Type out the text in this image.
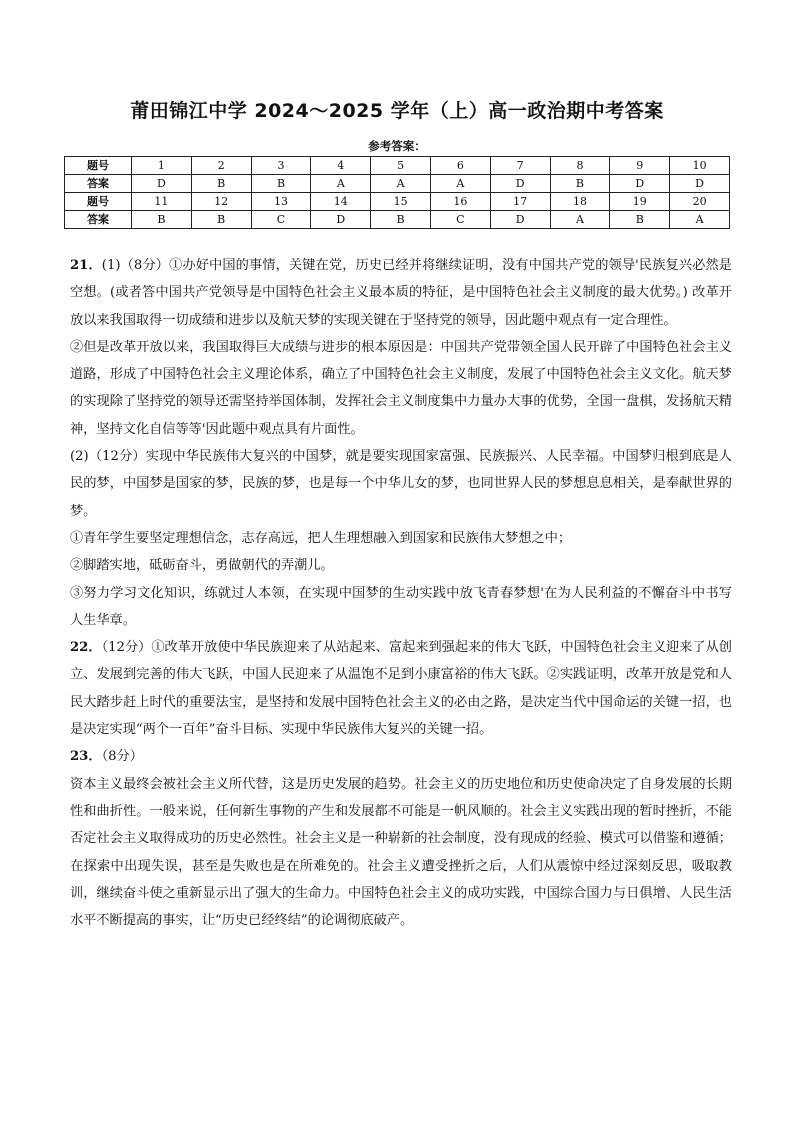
莆田锦江中学 2024～2025 学年（上）高一政治期中考答案
参考答案：
题号	1	2	3	4	5	6	7	8	9	10
答案	D	B	B	A	A	A	D	B	D	D
题号	11	12	13	14	15	16	17	18	19	20
答案	B	B	C	D	B	C	D	A	B	A

21．(1)（8分）①办好中国的事情，关键在党，历史已经并将继续证明，没有中国共产党的领导'民族复兴必然是空想。(或者答中国共产党领导是中国特色社会主义最本质的特征，是中国特色社会主义制度的最大优势。) 改革开放以来我国取得一切成绩和进步以及航天梦的实现关键在于坚持党的领导，因此题中观点有一定合理性。

②但是改革开放以来，我国取得巨大成绩与进步的根本原因是：中国共产党带领全国人民开辟了中国特色社会主义道路，形成了中国特色社会主义理论体系，确立了中国特色社会主义制度，发展了中国特色社会主义文化。航天梦的实现除了坚持党的领导还需坚持举国体制，发挥社会主义制度集中力量办大事的优势，全国一盘棋，发扬航天精神，坚持文化自信等等'因此题中观点具有片面性。

(2)（12分）实现中华民族伟大复兴的中国梦，就是要实现国家富强、民族振兴、人民幸福。中国梦归根到底是人民的梦，中国梦是国家的梦，民族的梦，也是每一个中华儿女的梦，也同世界人民的梦想息息相关，是奉献世界的梦。

①青年学生要坚定理想信念，志存高远，把人生理想融入到国家和民族伟大梦想之中；

②脚踏实地，砥砺奋斗，勇做朝代的弄潮儿。

③努力学习文化知识，练就过人本领，在实现中国梦的生动实践中放飞青春梦想'在为人民利益的不懈奋斗中书写人生华章。

22．（12分）①改革开放使中华民族迎来了从站起来、富起来到强起来的伟大飞跃，中国特色社会主义迎来了从创立、发展到完善的伟大飞跃，中国人民迎来了从温饱不足到小康富裕的伟大飞跃。②实践证明，改革开放是党和人民大踏步赶上时代的重要法宝，是坚持和发展中国特色社会主义的必由之路，是决定当代中国命运的关键一招，也是决定实现“两个一百年”奋斗目标、实现中华民族伟大复兴的关键一招。

23．（8分）

资本主义最终会被社会主义所代替，这是历史发展的趋势。社会主义的历史地位和历史使命决定了自身发展的长期性和曲折性。一般来说，任何新生事物的产生和发展都不可能是一帆风顺的。社会主义实践出现的暂时挫折，不能否定社会主义取得成功的历史必然性。社会主义是一种崭新的社会制度，没有现成的经验、模式可以借鉴和遵循；在探索中出现失误，甚至是失败也是在所难免的。社会主义遭受挫折之后，人们从震惊中经过深刻反思，吸取教训，继续奋斗使之重新显示出了强大的生命力。中国特色社会主义的成功实践，中国综合国力与日俱增、人民生活水平不断提高的事实，让“历史已经终结”的论调彻底破产。
